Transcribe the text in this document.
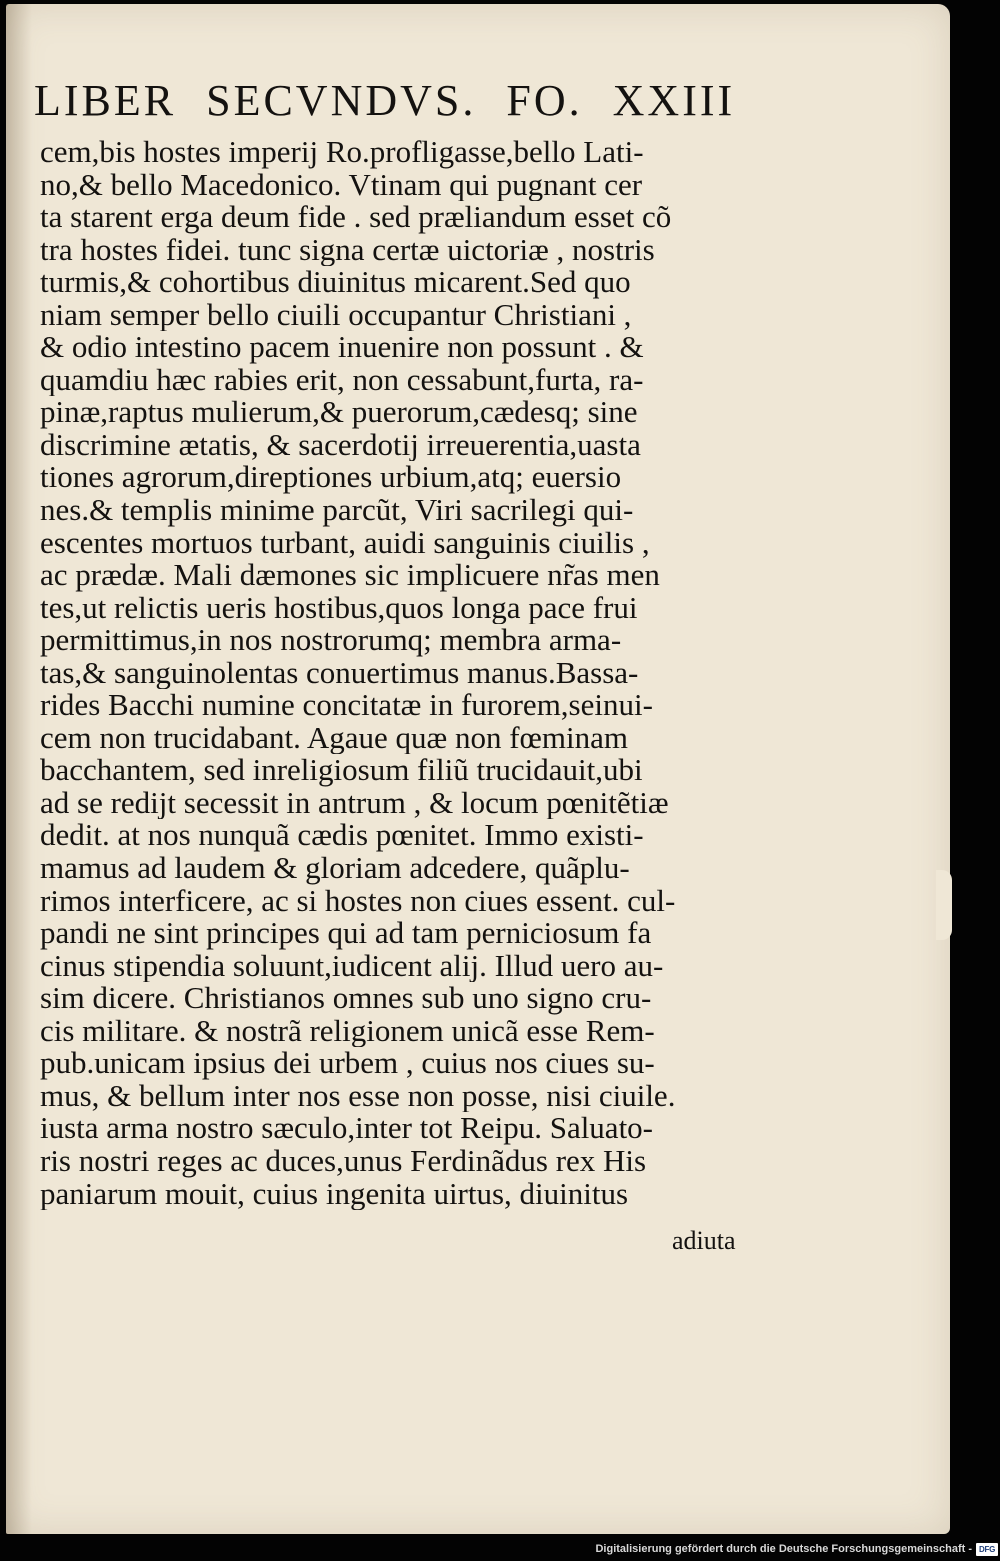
LIBER SECVNDVS. FO. XXIII
cem,bis hostes imperij Ro.profligasse,bello Lati-
no,& bello Macedonico. Vtinam qui pugnant cer
ta starent erga deum fide . sed præliandum esset cõ
tra hostes fidei. tunc signa certæ uictoriæ , nostris
turmis,& cohortibus diuinitus micarent.Sed quo
niam semper bello ciuili occupantur Christiani ,
& odio intestino pacem inuenire non possunt . &
quamdiu hæc rabies erit, non cessabunt,furta, ra-
pinæ,raptus mulierum,& puerorum,cædesq; sine
discrimine ætatis, & sacerdotij irreuerentia,uasta
tiones agrorum,direptiones urbium,atq; euersio
nes.& templis minime parcũt, Viri sacrilegi qui-
escentes mortuos turbant, auidi sanguinis ciuilis ,
ac prædæ. Mali dæmones sic implicuere nr̃as men
tes,ut relictis ueris hostibus,quos longa pace frui
permittimus,in nos nostrorumq; membra arma-
tas,& sanguinolentas conuertimus manus.Bassa-
rides Bacchi numine concitatæ in furorem,seinui-
cem non trucidabant. Agaue quæ non fœminam
bacchantem, sed inreligiosum filiũ trucidauit,ubi
ad se redijt secessit in antrum , & locum pœnitẽtiæ
dedit. at nos nunquã cædis pœnitet. Immo existi-
mamus ad laudem & gloriam adcedere, quãplu-
rimos interficere, ac si hostes non ciues essent. cul-
pandi ne sint principes qui ad tam perniciosum fa
cinus stipendia soluunt,iudicent alij. Illud uero au-
sim dicere. Christianos omnes sub uno signo cru-
cis militare. & nostrã religionem unicã esse Rem-
pub.unicam ipsius dei urbem , cuius nos ciues su-
mus, & bellum inter nos esse non posse, nisi ciuile.
iusta arma nostro sæculo,inter tot Reipu. Saluato-
ris nostri reges ac duces,unus Ferdinãdus rex His
paniarum mouit, cuius ingenita uirtus, diuinitus
adiuta
Digitalisierung gefördert durch die Deutsche Forschungsgemeinschaft - DFG
